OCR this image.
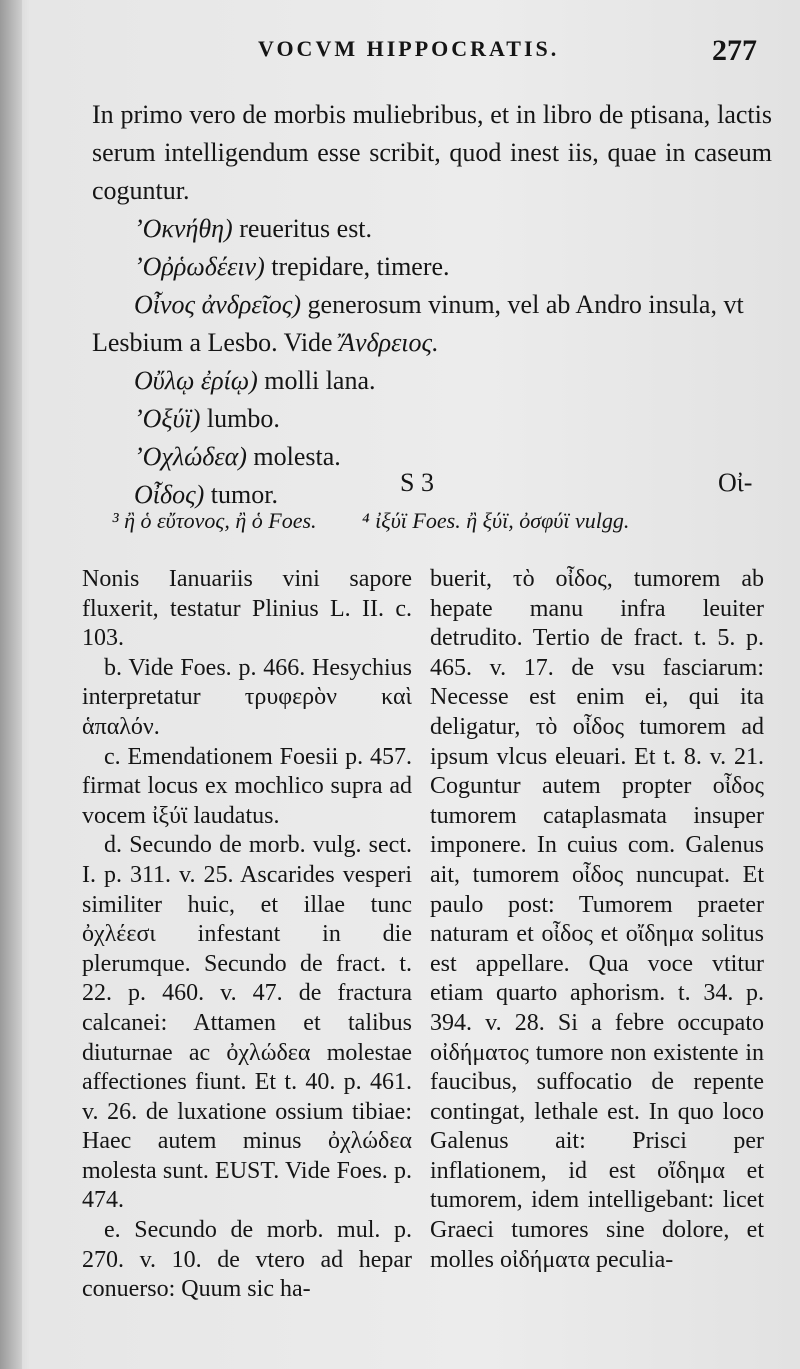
VOCVM HIPPOCRATIS.	277

In primo vero de morbis muliebribus, et in libro de ptisana, lactis serum intelligendum esse scribit, quod inest iis, quae in caseum coguntur.

’Οκνήθη) reueritus est.

’Οῤῥωδέειν) trepidare, timere.

Οἶνος ἀνδρεῖος) generosum vinum, vel ab Andro insula, vt Lesbium a Lesbo. Vide Ἄνδρειος.

Οὔλῳ ἐρίῳ) molli lana.

’Οξύϊ) lumbo.

’Οχλώδεα) molesta.

Οἶδος) tumor.	S 3	Οἰ-
³ ἢ ὁ εὔτονος, ἢ ὁ Foes. ⁴ ἰξύϊ Foes. ἢ ξύϊ, ὀσφύϊ vulgg.

Nonis Ianuariis vini sapore fluxerit, testatur Plinius L. II. c. 103.

b. Vide Foes. p. 466. Hesychius interpretatur τρυφερὸν καὶ ἁπαλόν.

c. Emendationem Foesii p. 457. firmat locus ex mochlico supra ad vocem ἰξύϊ laudatus.

d. Secundo de morb. vulg. sect. I. p. 311. v. 25. Ascarides vesperi similiter huic, et illae tunc ὀχλέεσι infestant in die plerumque. Secundo de fract. t. 22. p. 460. v. 47. de fractura calcanei: Attamen et talibus diuturnae ac ὀχλώδεα molestae affectiones fiunt. Et t. 40. p. 461. v. 26. de luxatione ossium tibiae: Haec autem minus ὀχλώδεα molesta sunt. EUST. Vide Foes. p. 474.

e. Secundo de morb. mul. p. 270. v. 10. de vtero ad hepar conuerso: Quum sic ha-

buerit, τὸ οἶδος, tumorem ab hepate manu infra leuiter detrudito. Tertio de fract. t. 5. p. 465. v. 17. de vsu fasciarum: Necesse est enim ei, qui ita deligatur, τὸ οἶδος tumorem ad ipsum vlcus eleuari. Et t. 8. v. 21. Coguntur autem propter οἶδος tumorem cataplasmata insuper imponere. In cuius com. Galenus ait, tumorem οἶδος nuncupat. Et paulo post: Tumorem praeter naturam et οἶδος et οἴδημα solitus est appellare. Qua voce vtitur etiam quarto aphorism. t. 34. p. 394. v. 28. Si a febre occupato οἰδήματος tumore non existente in faucibus, suffocatio de repente contingat, lethale est. In quo loco Galenus ait: Prisci per inflationem, id est οἴδημα et tumorem, idem intelligebant: licet Graeci tumores sine dolore, et molles οἰδήματα peculia-
